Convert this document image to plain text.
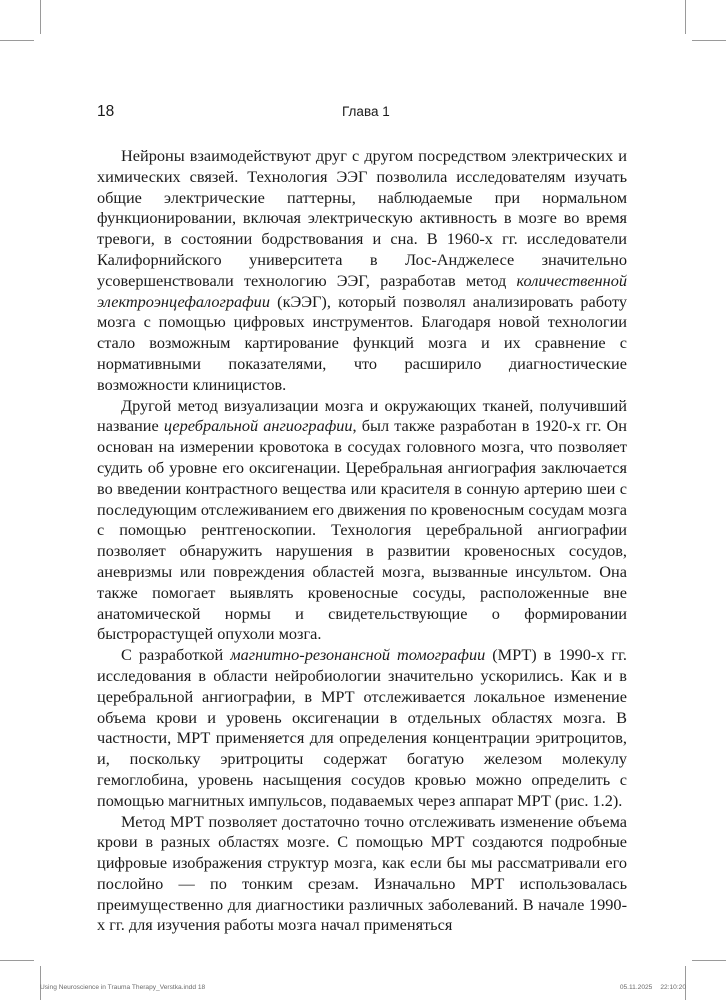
18	Глава 1

Нейроны взаимодействуют друг с другом посредством электрических и химических связей. Технология ЭЭГ позволила исследователям изучать общие электрические паттерны, наблюдаемые при нормальном функционировании, включая электрическую активность в мозге во время тревоги, в состоянии бодрствования и сна. В 1960-х гг. исследователи Калифорнийского университета в Лос-Анджелесе значительно усовершенствовали технологию ЭЭГ, разработав метод количественной электроэнцефалографии (кЭЭГ), который позволял анализировать работу мозга с помощью цифровых инструментов. Благодаря новой технологии стало возможным картирование функций мозга и их сравнение с нормативными показателями, что расширило диагностические возможности клиницистов.

Другой метод визуализации мозга и окружающих тканей, получивший название церебральной ангиографии, был также разработан в 1920-х гг. Он основан на измерении кровотока в сосудах головного мозга, что позволяет судить об уровне его оксигенации. Церебральная ангиография заключается во введении контрастного вещества или красителя в сонную артерию шеи с последующим отслеживанием его движения по кровеносным сосудам мозга с помощью рентгеноскопии. Технология церебральной ангиографии позволяет обнаружить нарушения в развитии кровеносных сосудов, аневризмы или повреждения областей мозга, вызванные инсультом. Она также помогает выявлять кровеносные сосуды, расположенные вне анатомической нормы и свидетельствующие о формировании быстрорастущей опухоли мозга.

С разработкой магнитно-резонансной томографии (МРТ) в 1990-х гг. исследования в области нейробиологии значительно ускорились. Как и в церебральной ангиографии, в МРТ отслеживается локальное изменение объема крови и уровень оксигенации в отдельных областях мозга. В частности, МРТ применяется для определения концентрации эритроцитов, и, поскольку эритроциты содержат богатую железом молекулу гемоглобина, уровень насыщения сосудов кровью можно определить с помощью магнитных импульсов, подаваемых через аппарат МРТ (рис. 1.2).

Метод МРТ позволяет достаточно точно отслеживать изменение объема крови в разных областях мозге. С помощью МРТ создаются подробные цифровые изображения структур мозга, как если бы мы рассматривали его послойно — по тонким срезам. Изначально МРТ использовалась преимущественно для диагностики различных заболеваний. В начале 1990-х гг. для изучения работы мозга начал применяться

Using Neuroscience in Trauma Therapy_Verstka.indd 18	05.11.2025 22:10:20
